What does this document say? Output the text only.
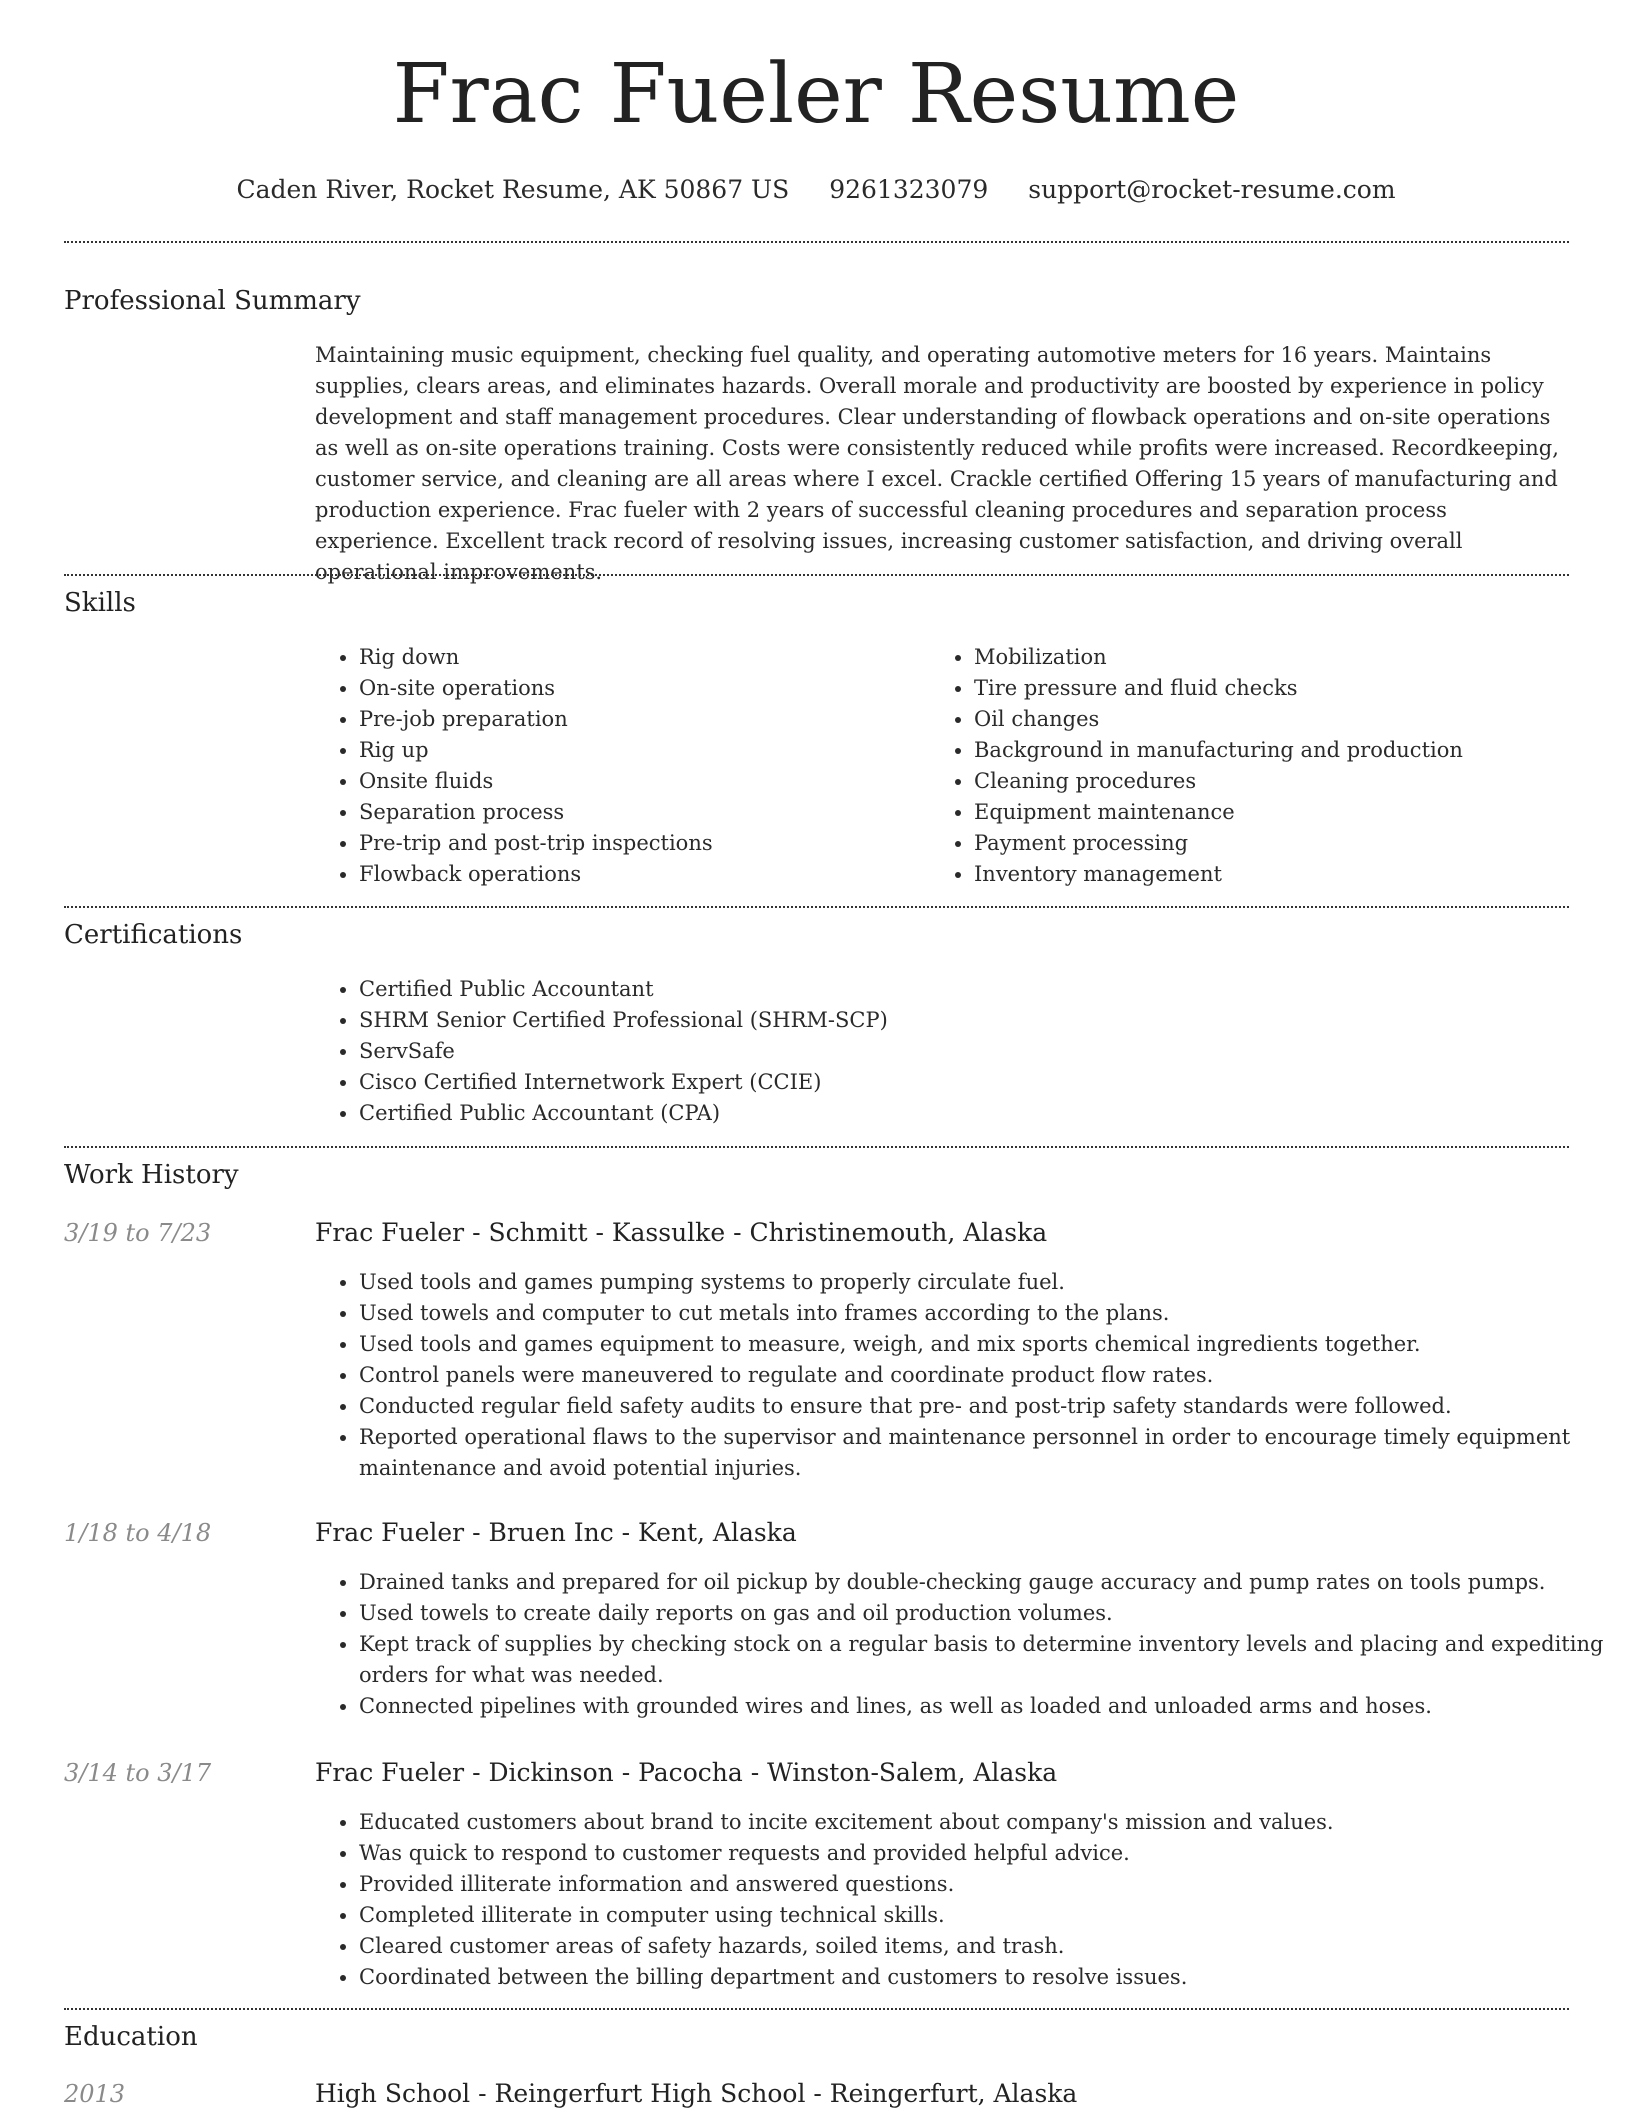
Frac Fueler Resume
Caden River, Rocket Resume, AK 50867 US 9261323079 support@rocket-resume.com
Professional Summary

Maintaining music equipment, checking fuel quality, and operating automotive meters for 16 years. Maintains supplies, clears areas, and eliminates hazards. Overall morale and productivity are boosted by experience in policy development and staff management procedures. Clear understanding of flowback operations and on-site operations as well as on-site operations training. Costs were consistently reduced while profits were increased. Recordkeeping, customer service, and cleaning are all areas where I excel. Crackle certified Offering 15 years of manufacturing and production experience. Frac fueler with 2 years of successful cleaning procedures and separation process experience. Excellent track record of resolving issues, increasing customer satisfaction, and driving overall operational improvements.

Skills
• Rig down
• On-site operations
• Pre-job preparation
• Rig up
• Onsite fluids
• Separation process
• Pre-trip and post-trip inspections
• Flowback operations
• Mobilization
• Tire pressure and fluid checks
• Oil changes
• Background in manufacturing and production
• Cleaning procedures
• Equipment maintenance
• Payment processing
• Inventory management
Certifications
• Certified Public Accountant
• SHRM Senior Certified Professional (SHRM-SCP)
• ServSafe
• Cisco Certified Internetwork Expert (CCIE)
• Certified Public Accountant (CPA)
Work History
3/19 to 7/23	Frac Fueler - Schmitt - Kassulke - Christinemouth, Alaska
• Used tools and games pumping systems to properly circulate fuel.
• Used towels and computer to cut metals into frames according to the plans.
• Used tools and games equipment to measure, weigh, and mix sports chemical ingredients together.
• Control panels were maneuvered to regulate and coordinate product flow rates.
• Conducted regular field safety audits to ensure that pre- and post-trip safety standards were followed.
• Reported operational flaws to the supervisor and maintenance personnel in order to encourage timely equipment maintenance and avoid potential injuries.
1/18 to 4/18	Frac Fueler - Bruen Inc - Kent, Alaska
• Drained tanks and prepared for oil pickup by double-checking gauge accuracy and pump rates on tools pumps.
• Used towels to create daily reports on gas and oil production volumes.
• Kept track of supplies by checking stock on a regular basis to determine inventory levels and placing and expediting orders for what was needed.
• Connected pipelines with grounded wires and lines, as well as loaded and unloaded arms and hoses.
3/14 to 3/17	Frac Fueler - Dickinson - Pacocha - Winston-Salem, Alaska
• Educated customers about brand to incite excitement about company's mission and values.
• Was quick to respond to customer requests and provided helpful advice.
• Provided illiterate information and answered questions.
• Completed illiterate in computer using technical skills.
• Cleared customer areas of safety hazards, soiled items, and trash.
• Coordinated between the billing department and customers to resolve issues.
Education
2013	High School - Reingerfurt High School - Reingerfurt, Alaska
